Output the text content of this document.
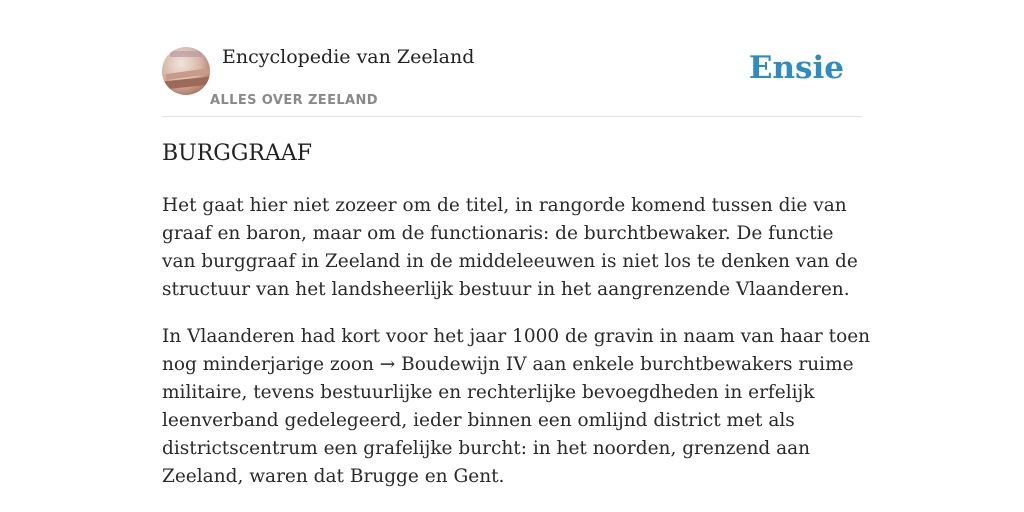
Encyclopedie van Zeeland
ALLES OVER ZEELAND
Ensie
BURGGRAAF

Het gaat hier niet zozeer om de titel, in rangorde komend tussen die van graaf en baron, maar om de functionaris: de burchtbewaker. De functie van burggraaf in Zeeland in de middeleeuwen is niet los te denken van de structuur van het landsheerlijk bestuur in het aangrenzende Vlaanderen.

In Vlaanderen had kort voor het jaar 1000 de gravin in naam van haar toen nog minderjarige zoon → Boudewijn IV aan enkele burchtbewakers ruime militaire, tevens bestuurlijke en rechterlijke bevoegdheden in erfelijk leenverband gedelegeerd, ieder binnen een omlijnd district met als districtscentrum een grafelijke burcht: in het noorden, grenzend aan Zeeland, waren dat Brugge en Gent.
